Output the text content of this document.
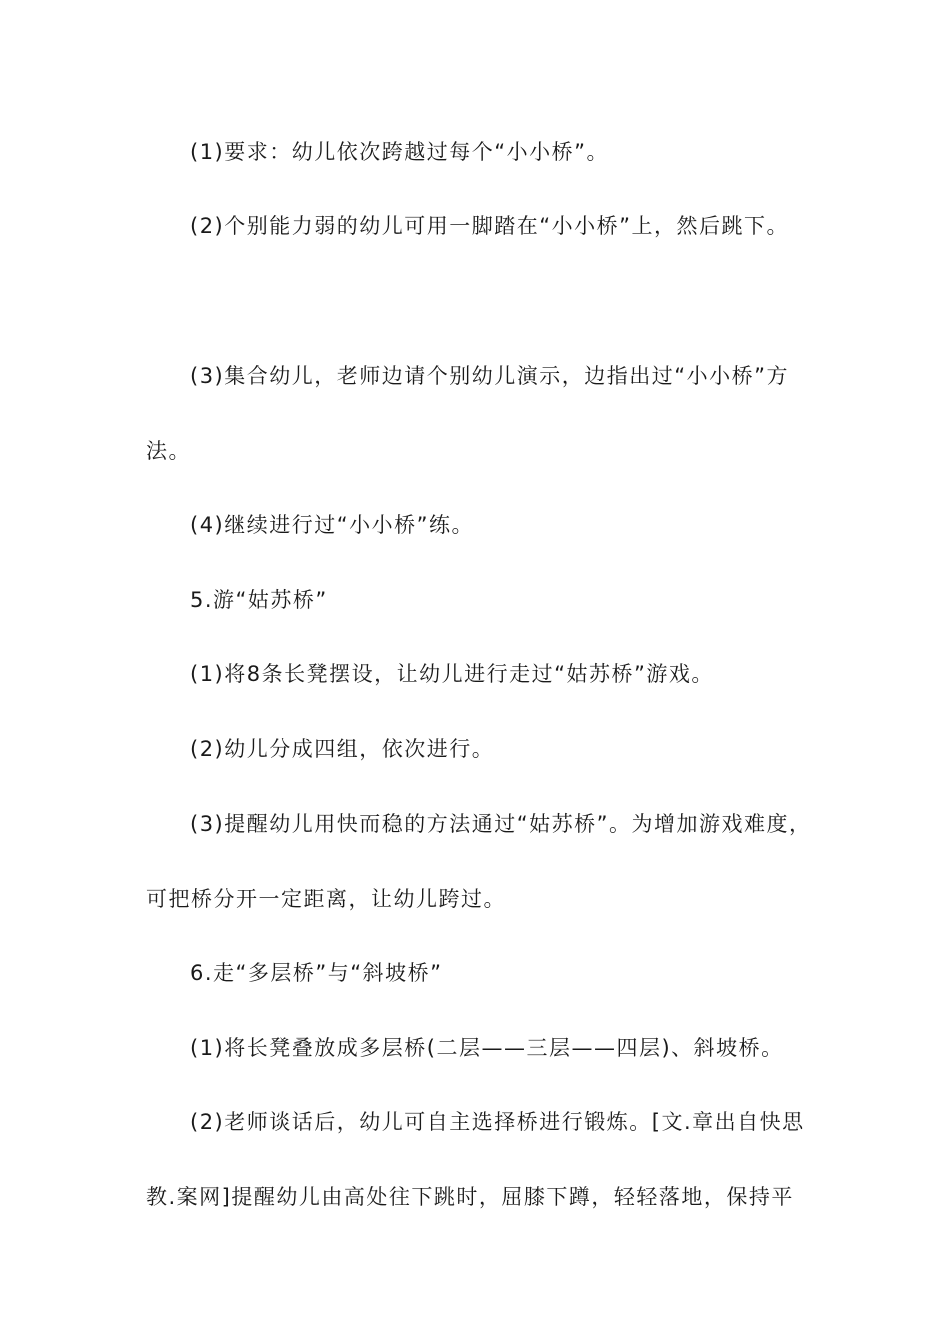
(1)要求：幼儿依次跨越过每个“小小桥”。
(2)个别能力弱的幼儿可用一脚踏在“小小桥”上，然后跳下。
(3)集合幼儿，老师边请个别幼儿演示，边指出过“小小桥”方
法。
(4)继续进行过“小小桥”练。
5.游“姑苏桥”
(1)将8条长凳摆设，让幼儿进行走过“姑苏桥”游戏。
(2)幼儿分成四组，依次进行。
(3)提醒幼儿用快而稳的方法通过“姑苏桥”。为增加游戏难度，
可把桥分开一定距离，让幼儿跨过。
6.走“多层桥”与“斜坡桥”
(1)将长凳叠放成多层桥(二层——三层——四层)、斜坡桥。
(2)老师谈话后，幼儿可自主选择桥进行锻炼。[文.章出自快思
教.案网]提醒幼儿由高处往下跳时，屈膝下蹲，轻轻落地，保持平
